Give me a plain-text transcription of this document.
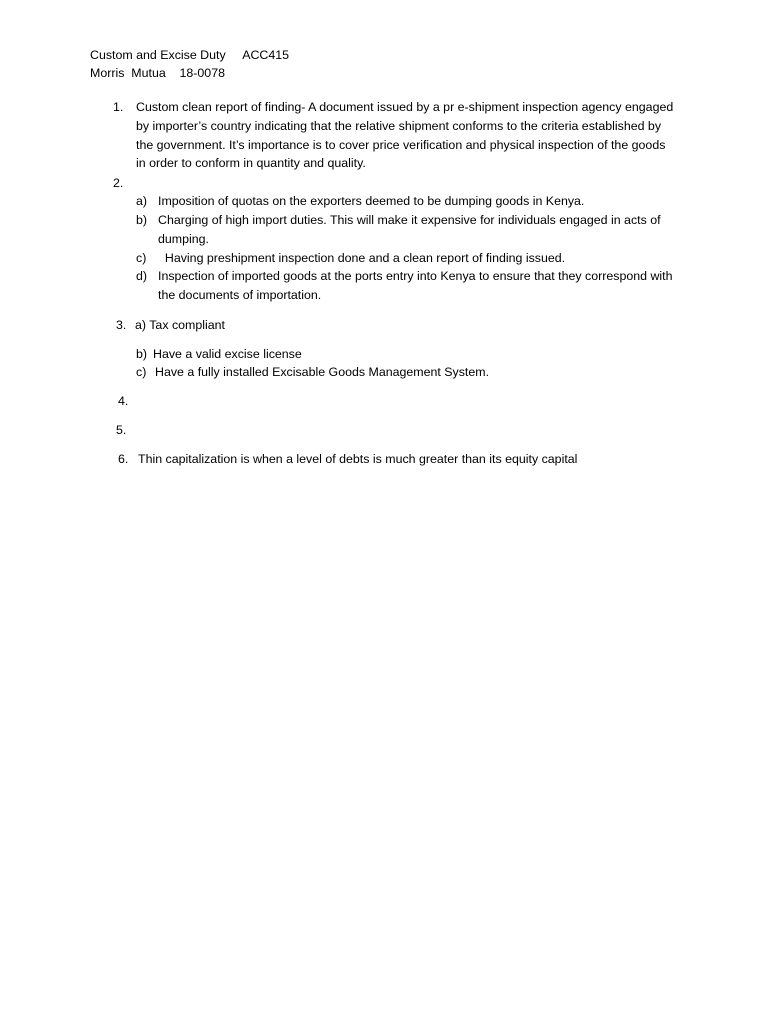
Custom and Excise Duty     ACC415
Morris  Mutua    18-0078
1. Custom clean report of finding- A document issued by a pr e-shipment inspection agency engaged by importer’s country indicating that the relative shipment conforms to the criteria established by the government. It’s importance is to cover price verification and physical inspection of the goods in order to conform in quantity and quality.
2.
a) Imposition of quotas on the exporters deemed to be dumping goods in Kenya.
b) Charging of high import duties. This will make it expensive for individuals engaged in acts of dumping.
c) Having preshipment inspection done and a clean report of finding issued.
d) Inspection of imported goods at the ports entry into Kenya to ensure that they correspond with the documents of importation.
3. a) Tax compliant
b) Have a valid excise license
c) Have a fully installed Excisable Goods Management System.
4.
5.
6. Thin capitalization is when a level of debts is much greater than its equity capital
